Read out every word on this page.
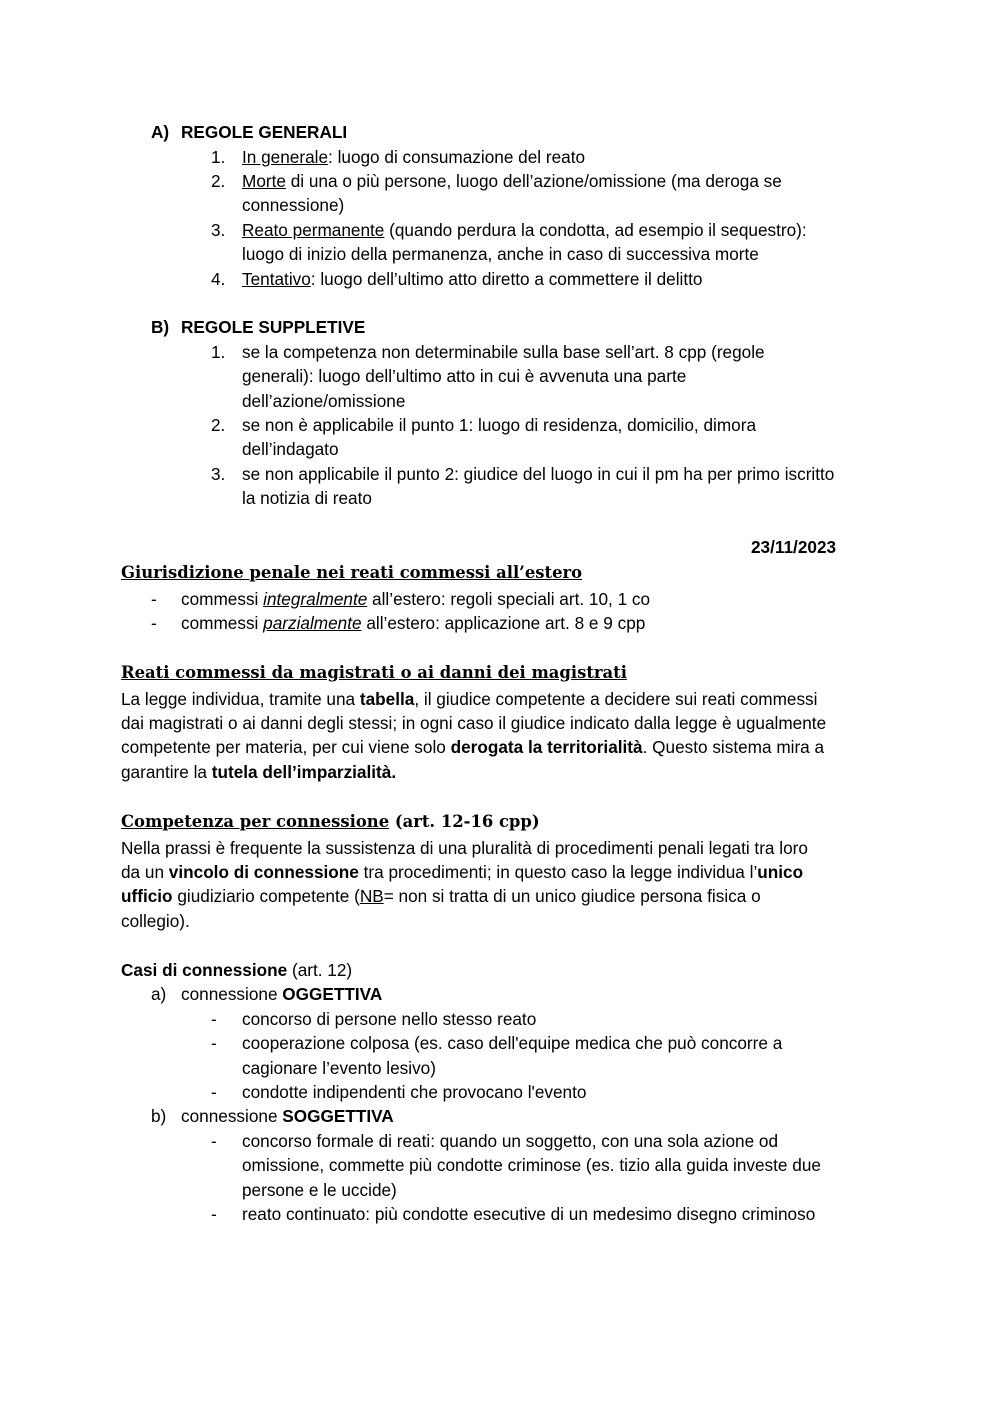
A) REGOLE GENERALI
1. In generale: luogo di consumazione del reato
2. Morte di una o più persone, luogo dell’azione/omissione (ma deroga se
connessione)
3. Reato permanente (quando perdura la condotta, ad esempio il sequestro):
luogo di inizio della permanenza, anche in caso di successiva morte
4. Tentativo: luogo dell’ultimo atto diretto a commettere il delitto
B) REGOLE SUPPLETIVE
1. se la competenza non determinabile sulla base sell’art. 8 cpp (regole
generali): luogo dell’ultimo atto in cui è avvenuta una parte
dell’azione/omissione
2. se non è applicabile il punto 1: luogo di residenza, domicilio, dimora
dell’indagato
3. se non applicabile il punto 2: giudice del luogo in cui il pm ha per primo iscritto
la notizia di reato
23/11/2023
Giurisdizione penale nei reati commessi all’estero
- commessi integralmente all’estero: regoli speciali art. 10, 1 co
- commessi parzialmente all’estero: applicazione art. 8 e 9 cpp
Reati commessi da magistrati o ai danni dei magistrati
La legge individua, tramite una tabella, il giudice competente a decidere sui reati commessi
dai magistrati o ai danni degli stessi; in ogni caso il giudice indicato dalla legge è ugualmente
competente per materia, per cui viene solo derogata la territorialità. Questo sistema mira a
garantire la tutela dell’imparzialità.
Competenza per connessione (art. 12-16 cpp)
Nella prassi è frequente la sussistenza di una pluralità di procedimenti penali legati tra loro
da un vincolo di connessione tra procedimenti; in questo caso la legge individua l’unico
ufficio giudiziario competente (NB= non si tratta di un unico giudice persona fisica o
collegio).
Casi di connessione (art. 12)
a) connessione OGGETTIVA
- concorso di persone nello stesso reato
- cooperazione colposa (es. caso dell'equipe medica che può concorre a
cagionare l’evento lesivo)
- condotte indipendenti che provocano l'evento
b) connessione SOGGETTIVA
- concorso formale di reati: quando un soggetto, con una sola azione od
omissione, commette più condotte criminose (es. tizio alla guida investe due
persone e le uccide)
- reato continuato: più condotte esecutive di un medesimo disegno criminoso
